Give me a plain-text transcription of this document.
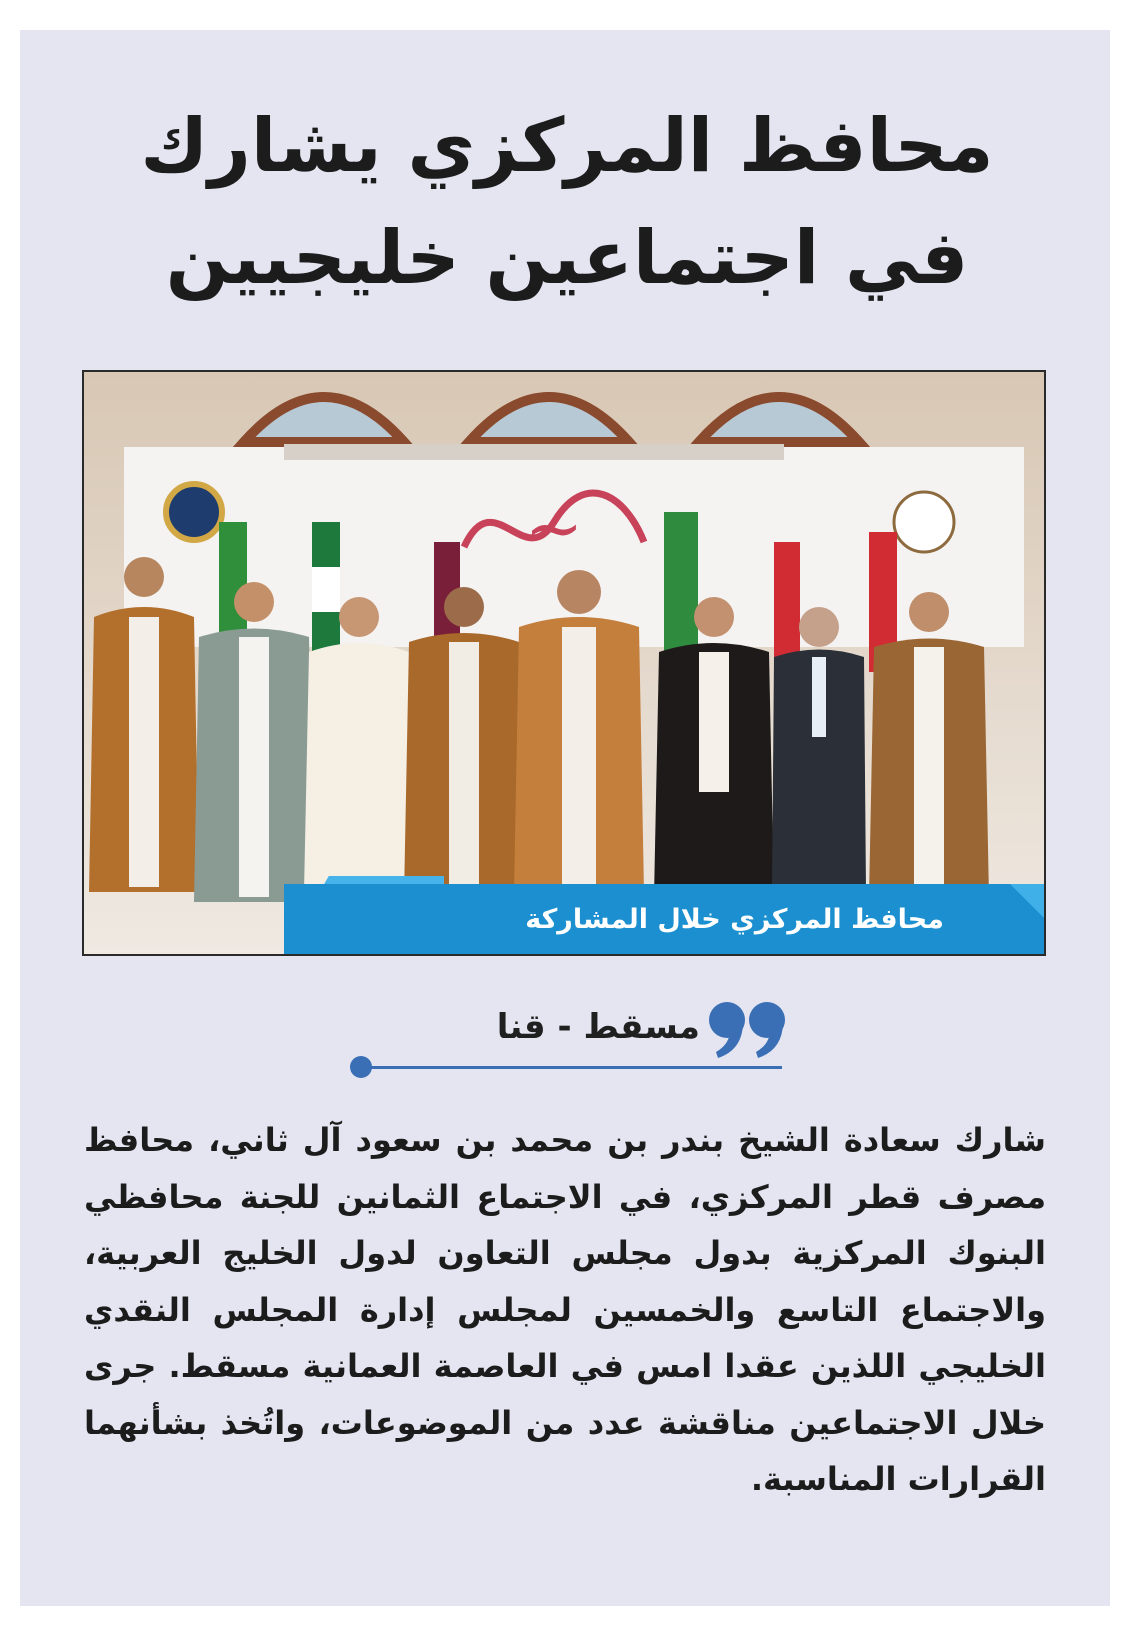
محافظ المركزي يشارك
في اجتماعين خليجيين
~
محافظ المركزي خلال المشاركة
مسقط - قنا

شارك سعادة الشيخ بندر بن محمد بن سعود آل ثاني، محافظ مصرف قطر المركزي، في الاجتماع الثمانين للجنة محافظي البنوك المركزية بدول مجلس التعاون لدول الخليج العربية، والاجتماع التاسع والخمسين لمجلس إدارة المجلس النقدي الخليجي اللذين عقدا امس في العاصمة العمانية مسقط. جرى خلال الاجتماعين مناقشة عدد من الموضوعات، واتُخذ بشأنهما القرارات المناسبة.
